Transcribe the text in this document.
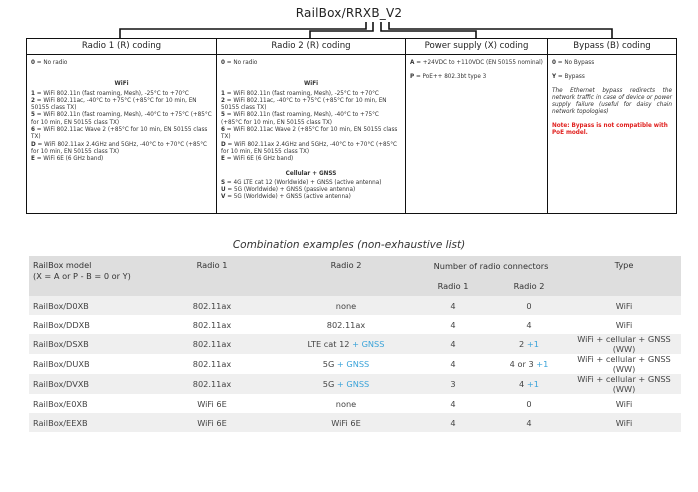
RailBox/RRXB_V2
Radio 1 (R) coding

0 = No radio

WiFi

1 = WiFi 802.11n (fast roaming, Mesh), -25°C to +70°C

2 = WiFi 802.11ac, -40°C to +75°C (+85°C for 10 min, EN 50155 class TX)

5 = WiFi 802.11n (fast roaming, Mesh), -40°C to +75°C (+85°C for 10 min, EN 50155 class TX)

6 = WiFi 802.11ac Wave 2 (+85°C for 10 min, EN 50155 class TX)

D = WiFi 802.11ax 2.4GHz and 5GHz, -40°C to +70°C (+85°C for 10 min, EN 50155 class TX)

E = WiFi 6E (6 GHz band)

Radio 2 (R) coding

0 = No radio

WiFi

1 = WiFi 802.11n (fast roaming, Mesh), -25°C to +70°C

2 = WiFi 802.11ac, -40°C to +75°C (+85°C for 10 min, EN 50155 class TX)

5 = WiFi 802.11n (fast roaming, Mesh), -40°C to +75°C (+85°C for 10 min, EN 50155 class TX)

6 = WiFi 802.11ac Wave 2 (+85°C for 10 min, EN 50155 class TX)

D = WiFi 802.11ax 2.4GHz and 5GHz, -40°C to +70°C (+85°C for 10 min, EN 50155 class TX)

E = WiFi 6E (6 GHz band)

Cellular + GNSS

S = 4G LTE cat 12 (Worldwide) + GNSS (active antenna)

U = 5G (Worldwide) + GNSS (passive antenna)

V = 5G (Worldwide) + GNSS (active antenna)

Power supply (X) coding

A = +24VDC to +110VDC (EN 50155 nominal)

P = PoE++ 802.3bt type 3

Bypass (B) coding

0 = No Bypass

Y = Bypass

The Ethernet bypass redirects the network traffic in case of device or power supply failure (useful for daisy chain network topologies)

Note: Bypass is not compatible with PoE model.

Combination examples (non-exhaustive list)
RailBox model
(X = A or P - B = 0 or Y)	Radio 1	Radio 2	Number of radio connectors		Type
			Radio 1	Radio 2	
RailBox/D0XB	802.11ax	none	4	0	WiFi
RailBox/DDXB	802.11ax	802.11ax	4	4	WiFi
RailBox/DSXB	802.11ax	LTE cat 12 + GNSS	4	2 +1	WiFi + cellular + GNSS (WW)
RailBox/DUXB	802.11ax	5G + GNSS	4	4 or 3 +1	WiFi + cellular + GNSS (WW)
RailBox/DVXB	802.11ax	5G + GNSS	3	4 +1	WiFi + cellular + GNSS (WW)
RailBox/E0XB	WiFi 6E	none	4	0	WiFi
RailBox/EEXB	WiFi 6E	WiFi 6E	4	4	WiFi
